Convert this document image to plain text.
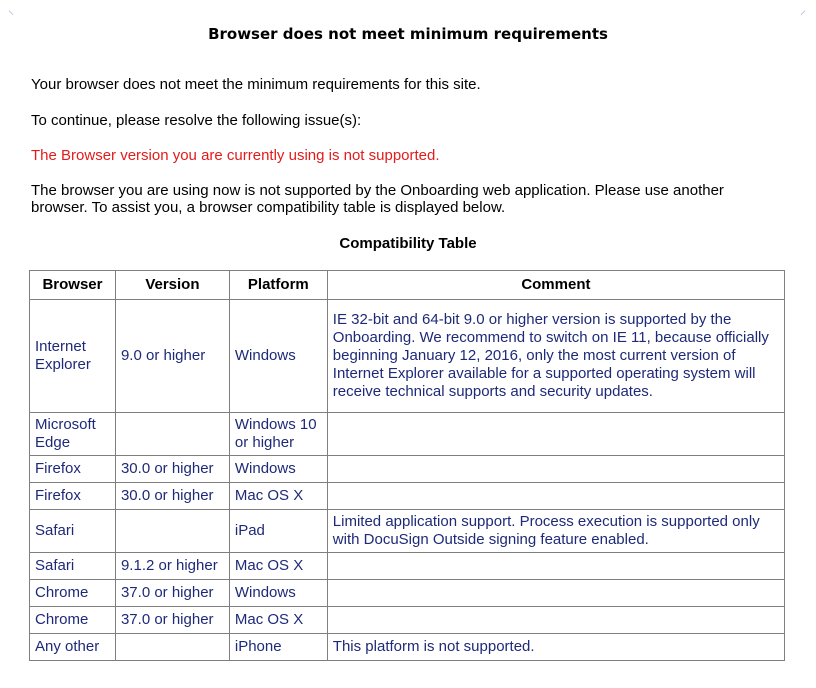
⸌	⸍
Browser does not meet minimum requirements

Your browser does not meet the minimum requirements for this site.

To continue, please resolve the following issue(s):

The Browser version you are currently using is not supported.

The browser you are using now is not supported by the Onboarding web application. Please use another browser. To assist you, a browser compatibility table is displayed below.

Compatibility Table

Browser	Version	Platform	Comment
Internet Explorer	9.0 or higher	Windows	IE 32-bit and 64-bit 9.0 or higher version is supported by the Onboarding. We recommend to switch on IE 11, because officially beginning January 12, 2016, only the most current version of Internet Explorer available for a supported operating system will receive technical supports and security updates.
Microsoft Edge		Windows 10 or higher	
Firefox	30.0 or higher	Windows	
Firefox	30.0 or higher	Mac OS X	
Safari		iPad	Limited application support. Process execution is supported only with DocuSign Outside signing feature enabled.
Safari	9.1.2 or higher	Mac OS X	
Chrome	37.0 or higher	Windows	
Chrome	37.0 or higher	Mac OS X	
Any other		iPhone	This platform is not supported.
